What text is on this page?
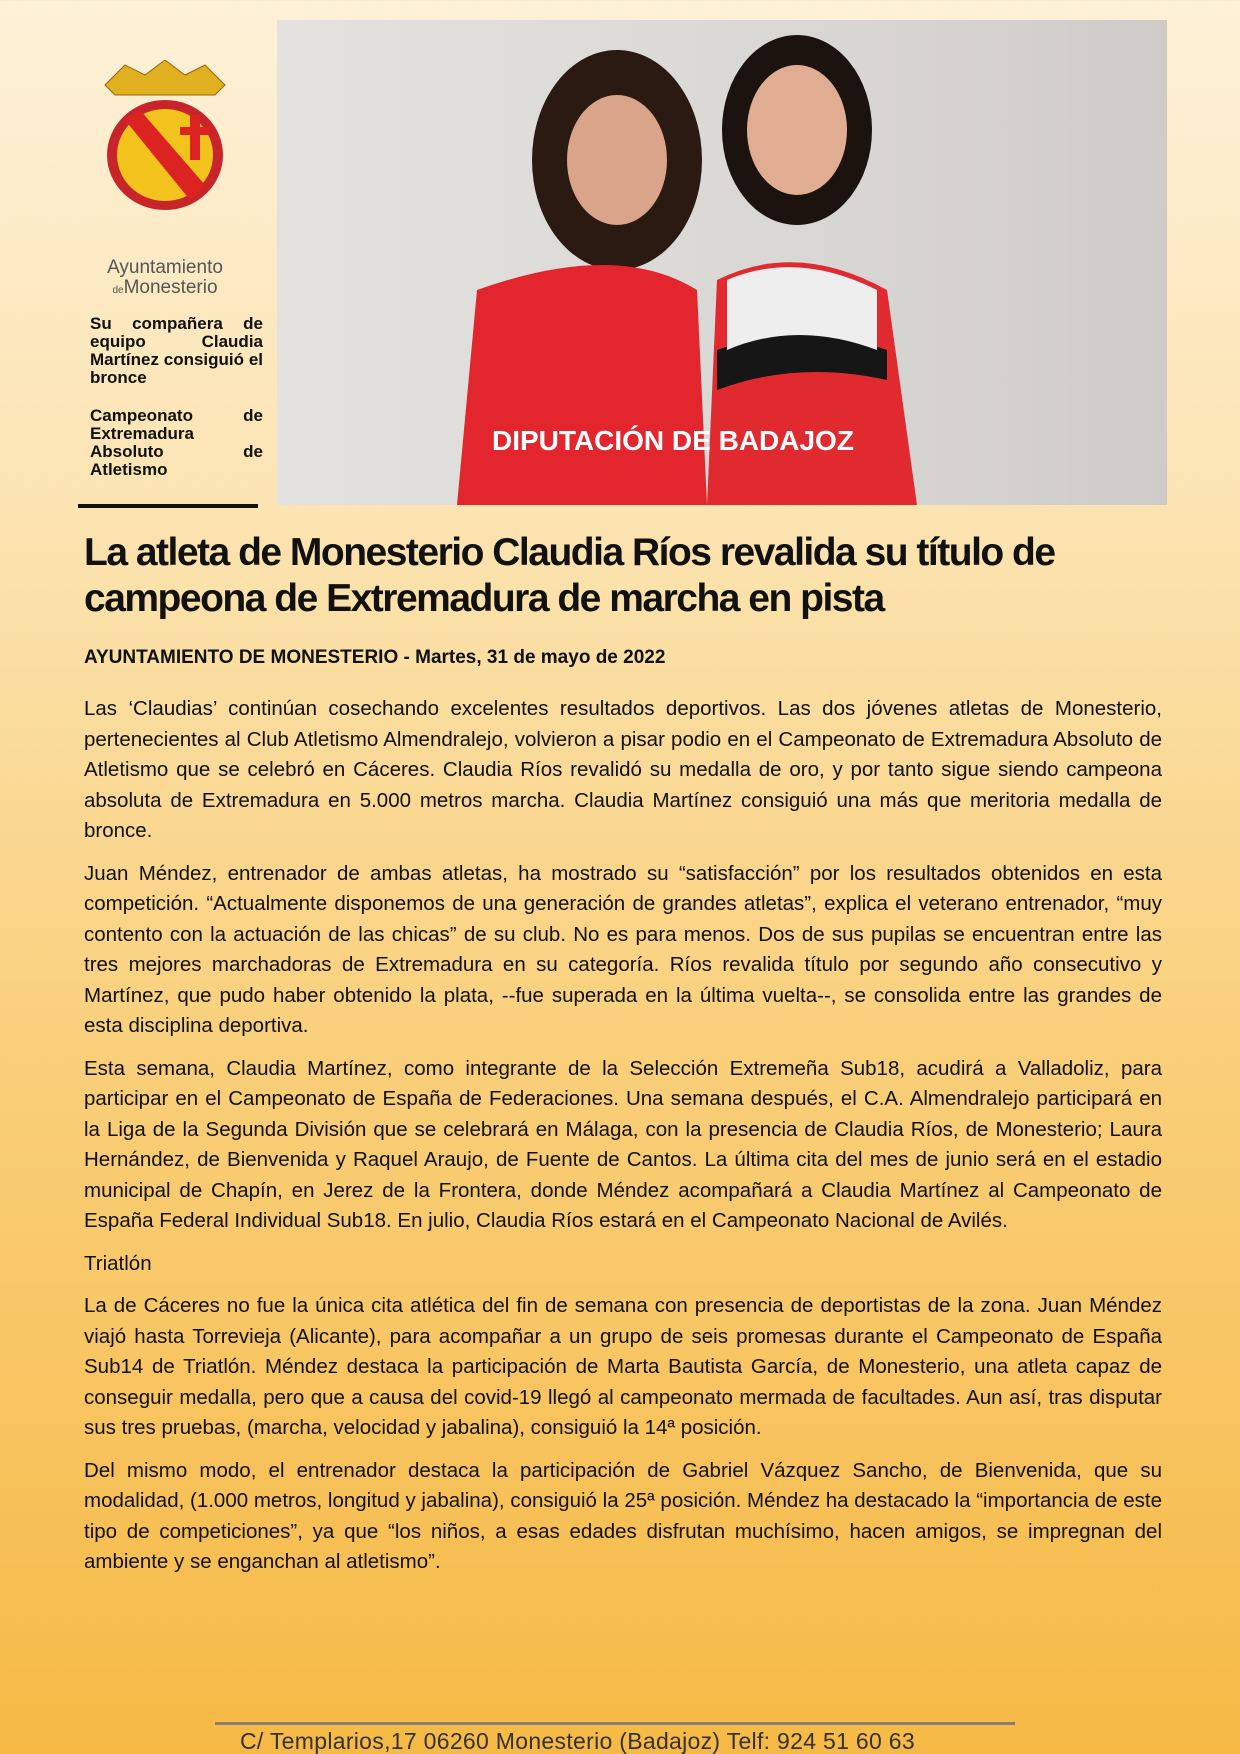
Ayuntamiento
deMonesterio
Su compañera de equipo Claudia Martínez consiguió el bronce
Campeonato de Extremadura Absoluto de Atletismo
DIPUTACIÓN DE BADAJOZ
La atleta de Monesterio Claudia Ríos revalida su título de campeona de Extremadura de marcha en pista
AYUNTAMIENTO DE MONESTERIO - Martes, 31 de mayo de 2022

Las ‘Claudias’ continúan cosechando excelentes resultados deportivos. Las dos jóvenes atletas de Monesterio, pertenecientes al Club Atletismo Almendralejo, volvieron a pisar podio en el Campeonato de Extremadura Absoluto de Atletismo que se celebró en Cáceres. Claudia Ríos revalidó su medalla de oro, y por tanto sigue siendo campeona absoluta de Extremadura en 5.000 metros marcha. Claudia Martínez consiguió una más que meritoria medalla de bronce.

Juan Méndez, entrenador de ambas atletas, ha mostrado su “satisfacción” por los resultados obtenidos en esta competición. “Actualmente disponemos de una generación de grandes atletas”, explica el veterano entrenador, “muy contento con la actuación de las chicas” de su club. No es para menos. Dos de sus pupilas se encuentran entre las tres mejores marchadoras de Extremadura en su categoría. Ríos revalida título por segundo año consecutivo y Martínez, que pudo haber obtenido la plata, --fue superada en la última vuelta--, se consolida entre las grandes de esta disciplina deportiva.

Esta semana, Claudia Martínez, como integrante de la Selección Extremeña Sub18, acudirá a Valladoliz, para participar en el Campeonato de España de Federaciones. Una semana después, el C.A. Almendralejo participará en la Liga de la Segunda División que se celebrará en Málaga, con la presencia de Claudia Ríos, de Monesterio; Laura Hernández, de Bienvenida y Raquel Araujo, de Fuente de Cantos. La última cita del mes de junio será en el estadio municipal de Chapín, en Jerez de la Frontera, donde Méndez acompañará a Claudia Martínez al Campeonato de España Federal Individual Sub18. En julio, Claudia Ríos estará en el Campeonato Nacional de Avilés.

Triatlón

La de Cáceres no fue la única cita atlética del fin de semana con presencia de deportistas de la zona. Juan Méndez viajó hasta Torrevieja (Alicante), para acompañar a un grupo de seis promesas durante el Campeonato de España Sub14 de Triatlón. Méndez destaca la participación de Marta Bautista García, de Monesterio, una atleta capaz de conseguir medalla, pero que a causa del covid-19 llegó al campeonato mermada de facultades. Aun así, tras disputar sus tres pruebas, (marcha, velocidad y jabalina), consiguió la 14ª posición.

Del mismo modo, el entrenador destaca la participación de Gabriel Vázquez Sancho, de Bienvenida, que su modalidad, (1.000 metros, longitud y jabalina), consiguió la 25ª posición. Méndez ha destacado la “importancia de este tipo de competiciones”, ya que “los niños, a esas edades disfrutan muchísimo, hacen amigos, se impregnan del ambiente y se enganchan al atletismo”.

C/ Templarios,17 06260 Monesterio (Badajoz) Telf: 924 51 60 63
